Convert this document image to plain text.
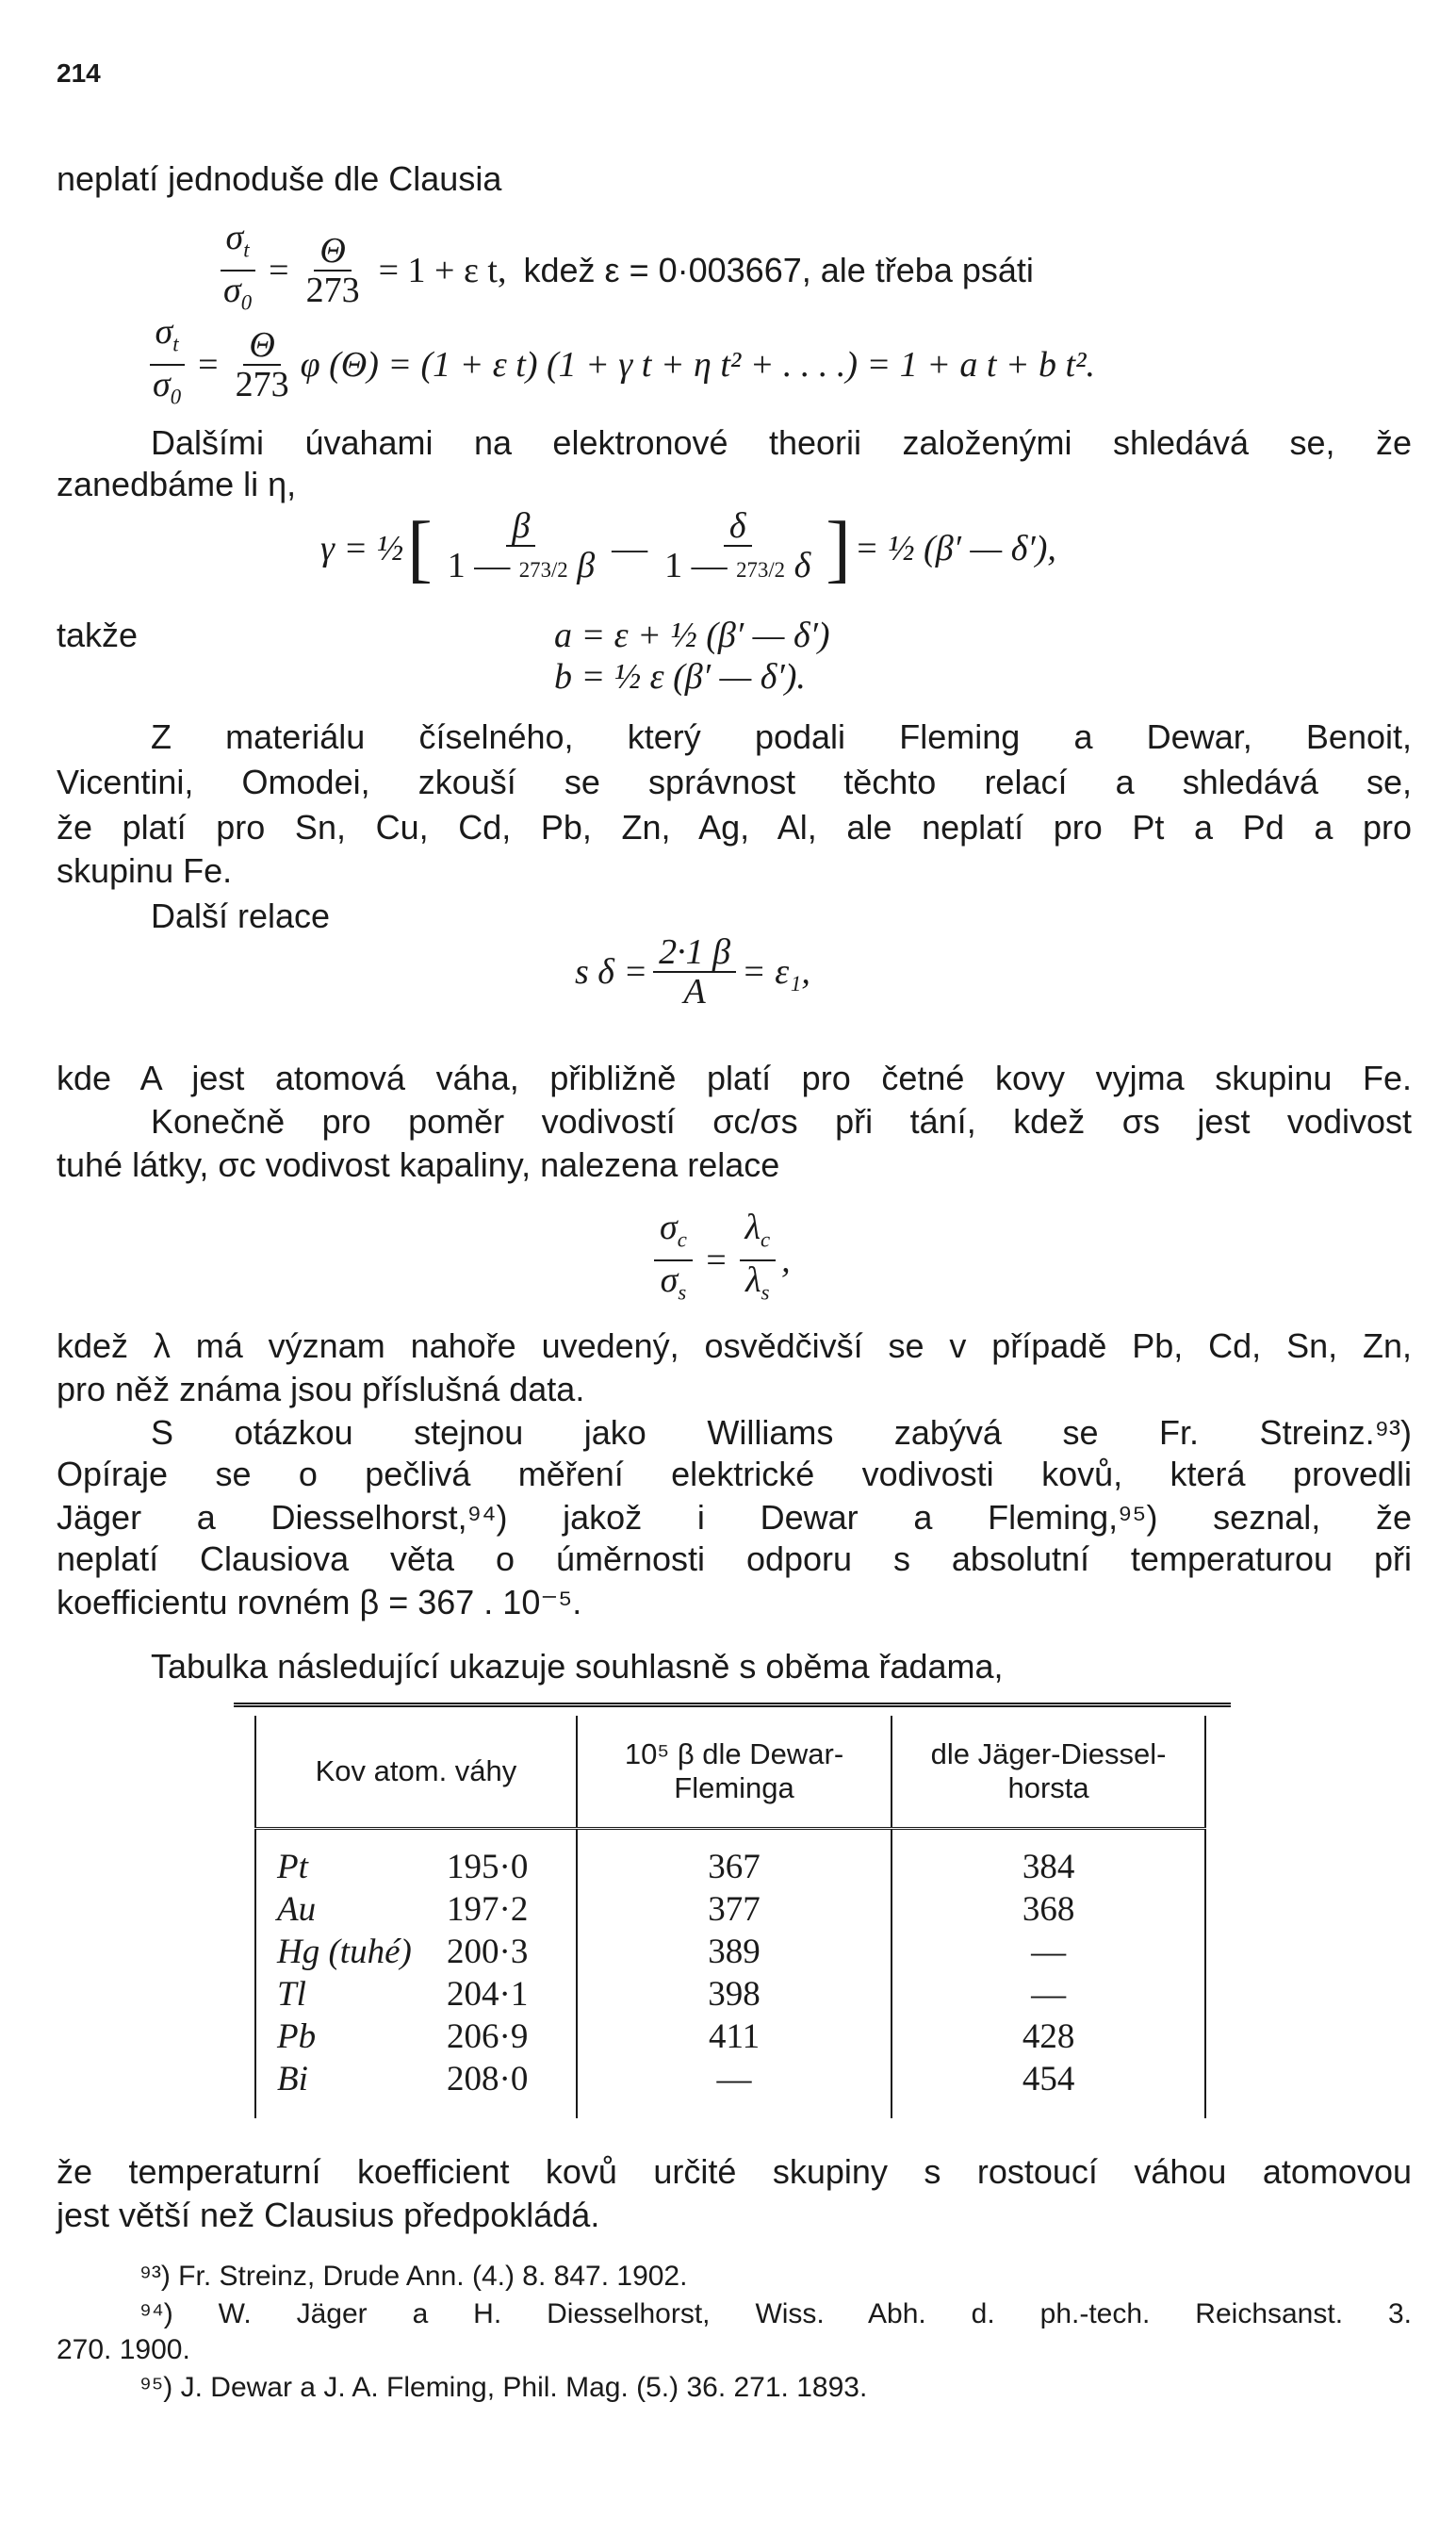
214
neplatí jednoduše dle Clausia
$\frac{\sigma_t}{\sigma_0} = \frac{\Theta}{273} = 1 + \varepsilon$ t, kdež ε = 0·003667, ale třeba psáti
$\frac{\sigma_t}{\sigma_0} = \frac{\Theta}{273}$ φ (Θ) = (1 + ε t) (1 + γ t + η t² + . . . .) = 1 + a t + b t².
Dalšími úvahami na elektronové theorii založenými shledává se, že
zanedbáme li η,
γ = ½ [ $\frac{\beta}{1 — 273/2 \beta}$ — $\frac{\delta}{1 — 273/2 \delta}$ ] = ½ (β′ — δ′),
takže	a = ε + ½ (β′ — δ′)
b = ½ ε (β′ — δ′).
Z materiálu číselného, který podali Fleming a Dewar, Benoit,
Vicentini, Omodei, zkouší se správnost těchto relací a shledává se,
že platí pro Sn, Cu, Cd, Pb, Zn, Ag, Al, ale neplatí pro Pt a Pd a pro
skupinu Fe.
Další relace
s $\delta = \frac{2\cdot 1 \beta}{A} = \varepsilon_1$,
kde A jest atomová váha, přibližně platí pro četné kovy vyjma skupinu Fe.
Konečně pro poměr vodivostí σc/σs při tání, kdež σs jest vodivost
tuhé látky, σc vodivost kapaliny, nalezena relace
$\frac{\sigma_c}{\sigma_s} = \frac{\lambda_c}{\lambda_s}$ ,
kdež λ má význam nahoře uvedený, osvědčivší se v případě Pb, Cd, Sn, Zn,
pro něž známa jsou příslušná data.
S otázkou stejnou jako Williams zabývá se Fr. Streinz.⁹³)
Opíraje se o pečlivá měření elektrické vodivosti kovů, která provedli
Jäger a Diesselhorst,⁹⁴) jakož i Dewar a Fleming,⁹⁵) seznal, že
neplatí Clausiova věta o úměrnosti odporu s absolutní temperaturou při
koefficientu rovném β = 367 . 10⁻⁵.
Tabulka následující ukazuje souhlasně s oběma řadama,
Kov atom. váhy	10⁵ β dle Dewar-Fleminga	dle Jäger-Diessel-horsta
Pt 195·0	367	384
Au 197·2	377	368
Hg (tuhé) 200·3	389	—
Tl 204·1	398	—
Pb 206·9	411	428
Bi 208·0	—	454
že temperaturní koefficient kovů určité skupiny s rostoucí váhou atomovou
jest větší než Clausius předpokládá.
⁹³) Fr. Streinz, Drude Ann. (4.) 8. 847. 1902.
⁹⁴) W. Jäger a H. Diesselhorst, Wiss. Abh. d. ph.-tech. Reichsanst. 3.
270. 1900.
⁹⁵) J. Dewar a J. A. Fleming, Phil. Mag. (5.) 36. 271. 1893.
